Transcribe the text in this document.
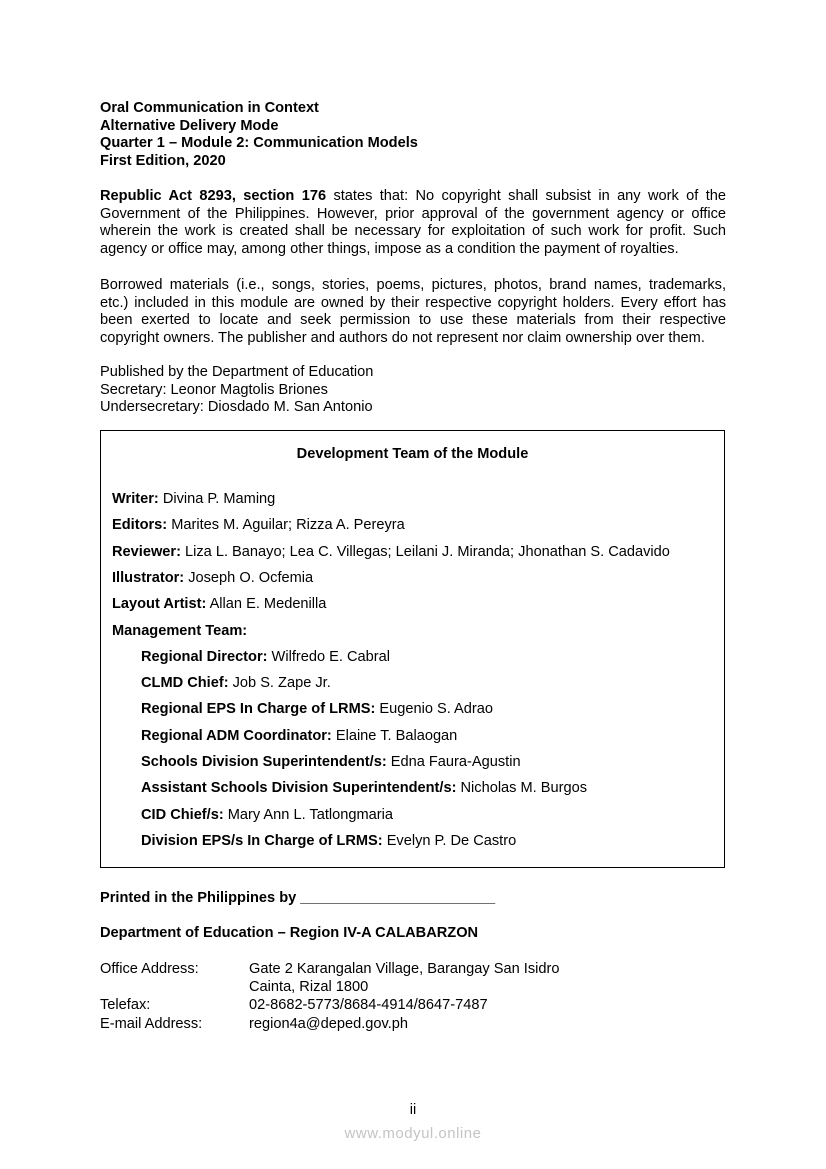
Oral Communication in Context
Alternative Delivery Mode
Quarter 1 – Module 2: Communication Models
First Edition, 2020
Republic Act 8293, section 176 states that: No copyright shall subsist in any work of the Government of the Philippines. However, prior approval of the government agency or office wherein the work is created shall be necessary for exploitation of such work for profit. Such agency or office may, among other things, impose as a condition the payment of royalties.
Borrowed materials (i.e., songs, stories, poems, pictures, photos, brand names, trademarks, etc.) included in this module are owned by their respective copyright holders. Every effort has been exerted to locate and seek permission to use these materials from their respective copyright owners. The publisher and authors do not represent nor claim ownership over them.
Published by the Department of Education
Secretary: Leonor Magtolis Briones
Undersecretary: Diosdado M. San Antonio
Development Team of the Module
Writer: Divina P. Maming
Editors: Marites M. Aguilar; Rizza A. Pereyra
Reviewer: Liza L. Banayo; Lea C. Villegas; Leilani J. Miranda; Jhonathan S. Cadavido
Illustrator: Joseph O. Ocfemia
Layout Artist: Allan E. Medenilla
Management Team:
Regional Director: Wilfredo E. Cabral
CLMD Chief: Job S. Zape Jr.
Regional EPS In Charge of LRMS: Eugenio S. Adrao
Regional ADM Coordinator: Elaine T. Balaogan
Schools Division Superintendent/s: Edna Faura-Agustin
Assistant Schools Division Superintendent/s: Nicholas M. Burgos
CID Chief/s: Mary Ann L. Tatlongmaria
Division EPS/s In Charge of LRMS: Evelyn P. De Castro
Printed in the Philippines by ________________________
Department of Education – Region IV-A CALABARZON
Office Address:	Gate 2 Karangalan Village, Barangay San Isidro
Cainta, Rizal 1800
Telefax:	02-8682-5773/8684-4914/8647-7487
E-mail Address:	region4a@deped.gov.ph
ii
www.modyul.online
